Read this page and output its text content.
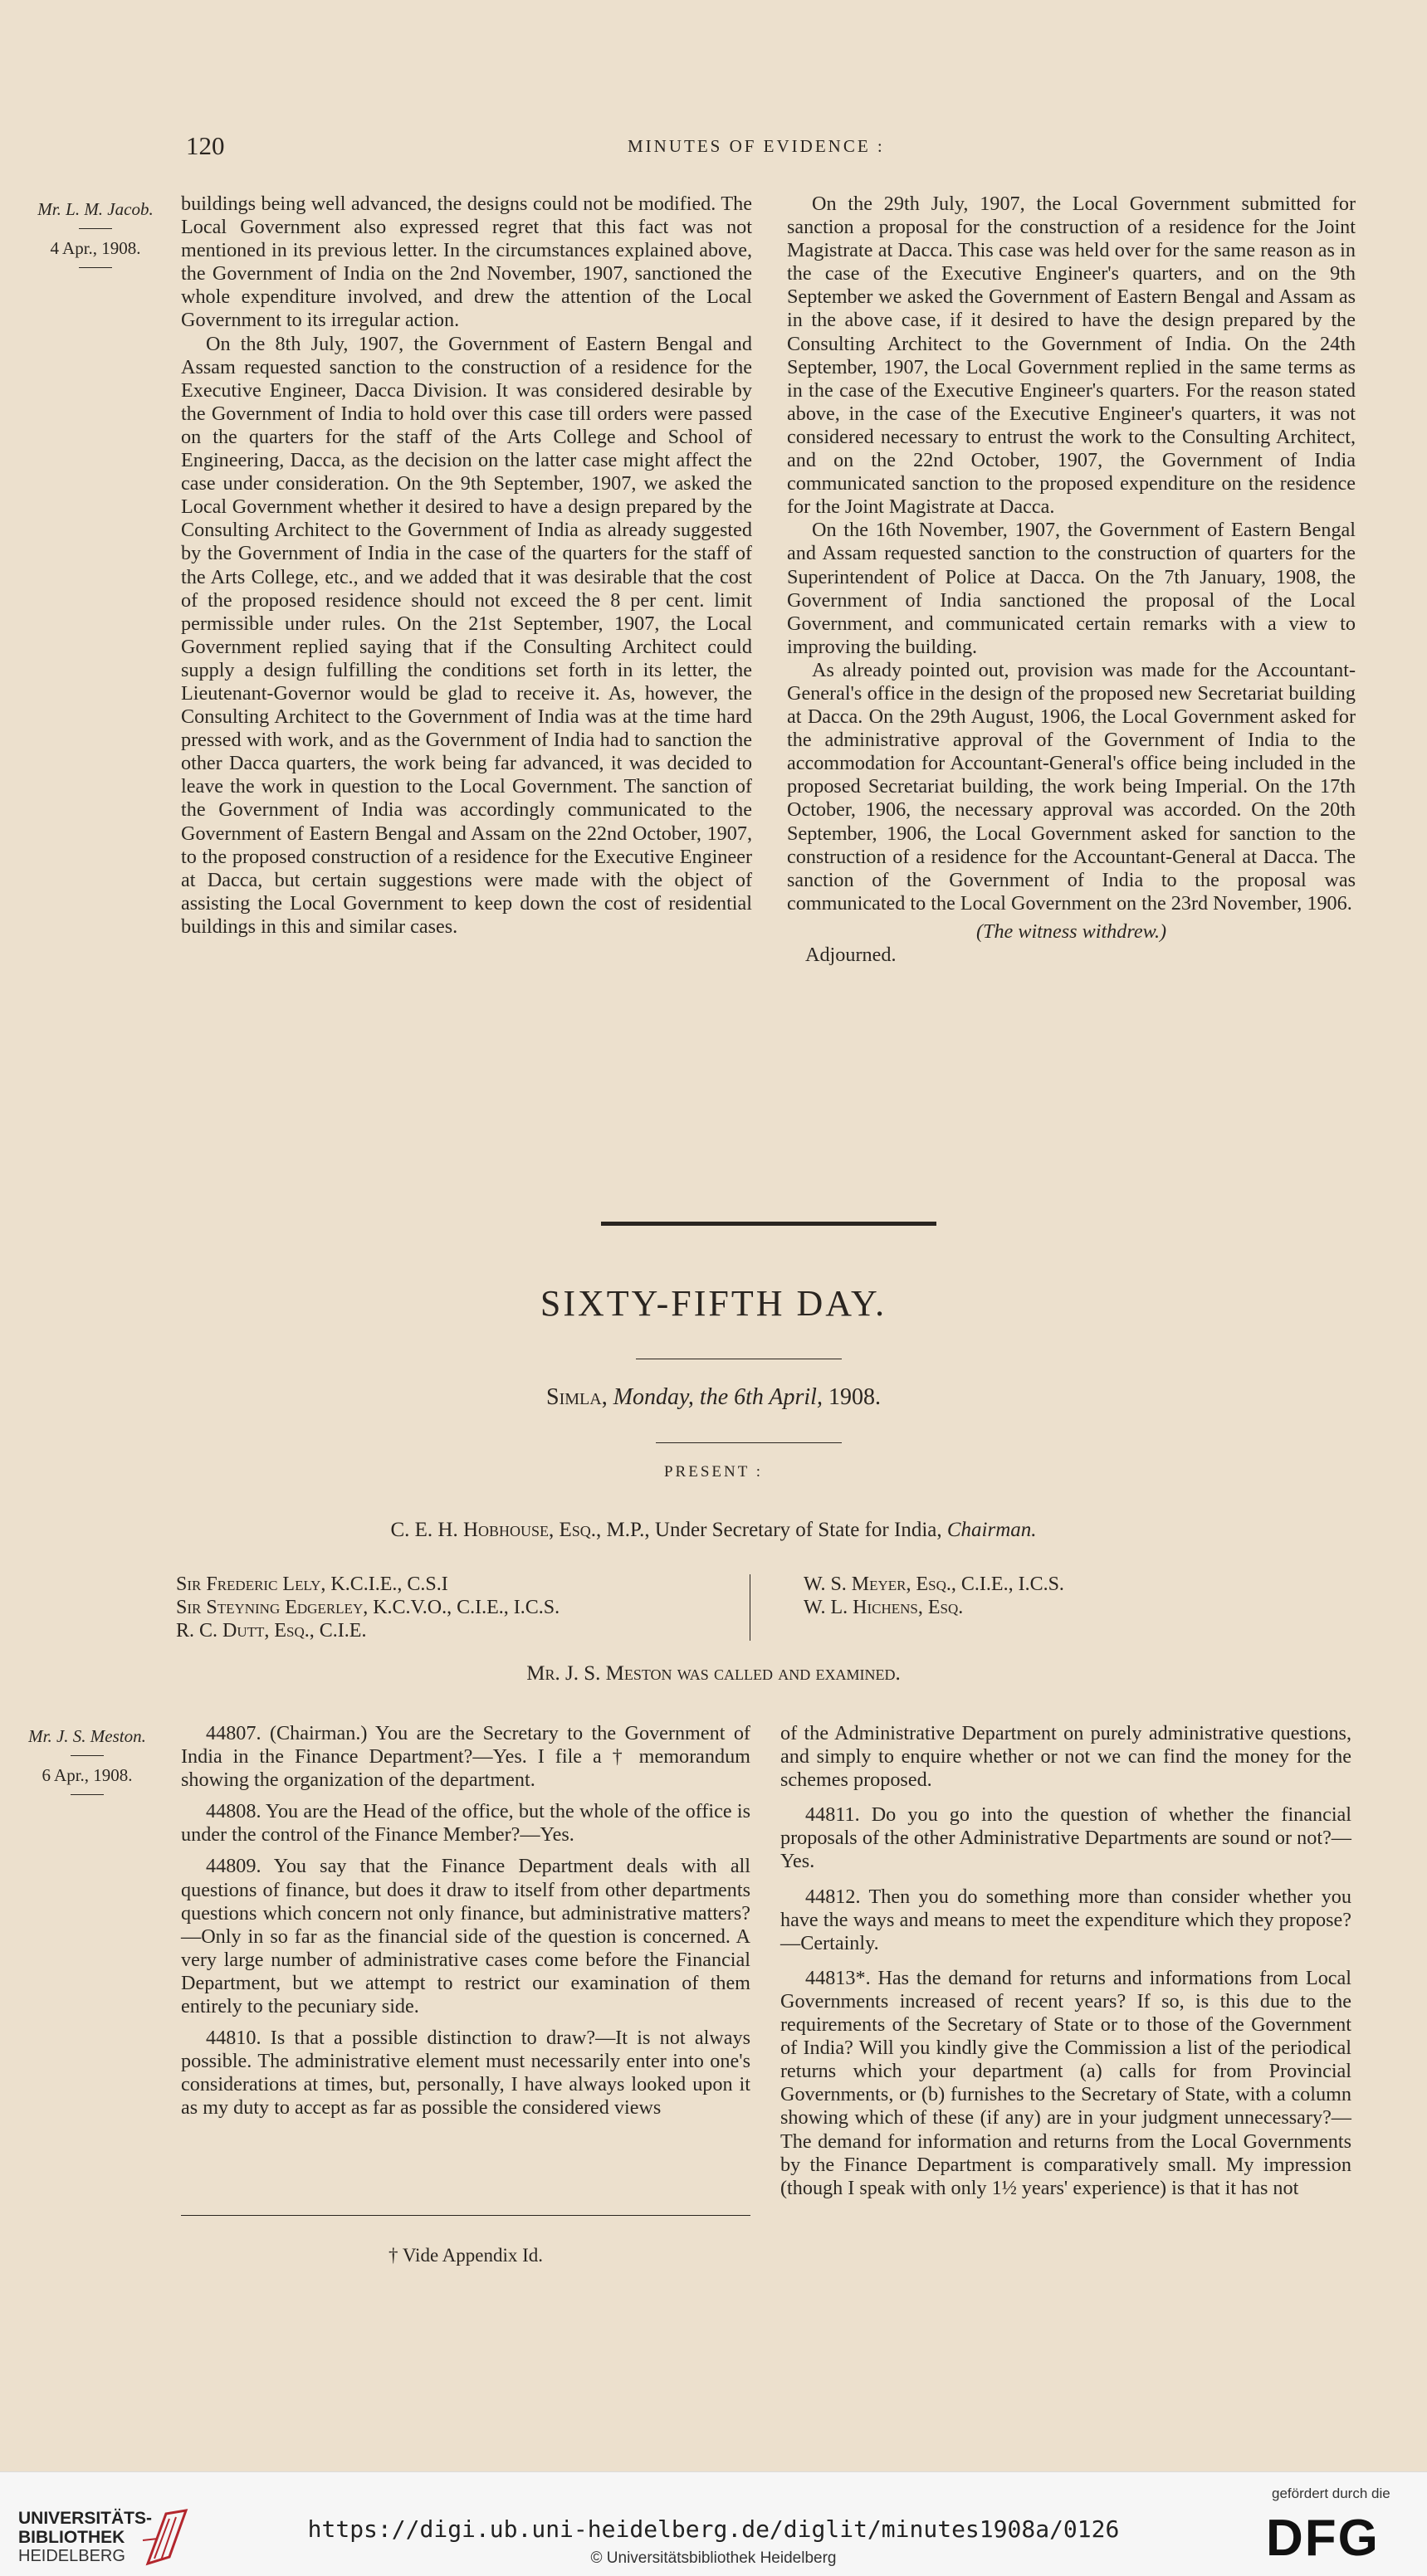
120	MINUTES OF EVIDENCE :
Mr. L. M. Jacob.
4 Apr., 1908.

buildings being well advanced, the designs could not be modified. The Local Government also expressed regret that this fact was not mentioned in its previous letter. In the circumstances explained above, the Government of India on the 2nd November, 1907, sanctioned the whole expenditure involved, and drew the attention of the Local Government to its irregular action.

On the 8th July, 1907, the Government of Eastern Bengal and Assam requested sanction to the construction of a residence for the Executive Engineer, Dacca Division. It was considered desirable by the Government of India to hold over this case till orders were passed on the quarters for the staff of the Arts College and School of Engineering, Dacca, as the decision on the latter case might affect the case under consideration. On the 9th September, 1907, we asked the Local Government whether it desired to have a design prepared by the Consulting Architect to the Government of India as already suggested by the Government of India in the case of the quarters for the staff of the Arts College, etc., and we added that it was desirable that the cost of the proposed residence should not exceed the 8 per cent. limit permissible under rules. On the 21st September, 1907, the Local Government replied saying that if the Consulting Architect could supply a design fulfilling the conditions set forth in its letter, the Lieutenant-Governor would be glad to receive it. As, however, the Consulting Architect to the Government of India was at the time hard pressed with work, and as the Government of India had to sanction the other Dacca quarters, the work being far advanced, it was decided to leave the work in question to the Local Government. The sanction of the Government of India was accordingly communicated to the Government of Eastern Bengal and Assam on the 22nd October, 1907, to the proposed construction of a residence for the Executive Engineer at Dacca, but certain suggestions were made with the object of assisting the Local Government to keep down the cost of residential buildings in this and similar cases.

On the 29th July, 1907, the Local Government submitted for sanction a proposal for the construction of a residence for the Joint Magistrate at Dacca. This case was held over for the same reason as in the case of the Executive Engineer's quarters, and on the 9th September we asked the Government of Eastern Bengal and Assam as in the above case, if it desired to have the design prepared by the Consulting Architect to the Government of India. On the 24th September, 1907, the Local Government replied in the same terms as in the case of the Executive Engineer's quarters. For the reason stated above, in the case of the Executive Engineer's quarters, it was not considered necessary to entrust the work to the Consulting Architect, and on the 22nd October, 1907, the Government of India communicated sanction to the proposed expenditure on the residence for the Joint Magistrate at Dacca.

On the 16th November, 1907, the Government of Eastern Bengal and Assam requested sanction to the construction of quarters for the Superintendent of Police at Dacca. On the 7th January, 1908, the Government of India sanctioned the proposal of the Local Government, and communicated certain remarks with a view to improving the building.

As already pointed out, provision was made for the Accountant-General's office in the design of the proposed new Secretariat building at Dacca. On the 29th August, 1906, the Local Government asked for the administrative approval of the Government of India to the accommodation for Accountant-General's office being included in the proposed Secretariat building, the work being Imperial. On the 17th October, 1906, the necessary approval was accorded. On the 20th September, 1906, the Local Government asked for sanction to the construction of a residence for the Accountant-General at Dacca. The sanction of the Government of India to the proposal was communicated to the Local Government on the 23rd November, 1906.

(The witness withdrew.)
Adjourned.
SIXTY-FIFTH DAY.
Simla, Monday, the 6th April, 1908.
PRESENT :
C. E. H. Hobhouse, Esq., M.P., Under Secretary of State for India, Chairman.
Sir Frederic Lely, K.C.I.E., C.S.I
Sir Steyning Edgerley, K.C.V.O., C.I.E., I.C.S.
R. C. Dutt, Esq., C.I.E.
W. S. Meyer, Esq., C.I.E., I.C.S.
W. L. Hichens, Esq.
Mr. J. S. Meston was called and examined.
Mr. J. S. Meston.
6 Apr., 1908.

44807. (Chairman.) You are the Secretary to the Government of India in the Finance Department?—Yes. I file a † memorandum showing the organization of the department.

44808. You are the Head of the office, but the whole of the office is under the control of the Finance Member?—Yes.

44809. You say that the Finance Department deals with all questions of finance, but does it draw to itself from other departments questions which concern not only finance, but administrative matters?—Only in so far as the financial side of the question is concerned. A very large number of administrative cases come before the Financial Department, but we attempt to restrict our examination of them entirely to the pecuniary side.

44810. Is that a possible distinction to draw?—It is not always possible. The administrative element must necessarily enter into one's considerations at times, but, personally, I have always looked upon it as my duty to accept as far as possible the considered views

† Vide Appendix Id.

of the Administrative Department on purely administrative questions, and simply to enquire whether or not we can find the money for the schemes proposed.

44811. Do you go into the question of whether the financial proposals of the other Administrative Departments are sound or not?—Yes.

44812. Then you do something more than consider whether you have the ways and means to meet the expenditure which they propose?—Certainly.

44813*. Has the demand for returns and informations from Local Governments increased of recent years? If so, is this due to the requirements of the Secretary of State or to those of the Government of India? Will you kindly give the Commission a list of the periodical returns which your department (a) calls for from Provincial Governments, or (b) furnishes to the Secretary of State, with a column showing which of these (if any) are in your judgment unnecessary?—The demand for information and returns from the Local Governments by the Finance Department is comparatively small. My impression (though I speak with only 1½ years' experience) is that it has not

UNIVERSITÄTS-
BIBLIOTHEK
HEIDELBERG
https://digi.ub.uni-heidelberg.de/diglit/minutes1908a/0126
© Universitätsbibliothek Heidelberg
gefördert durch die
DFG
